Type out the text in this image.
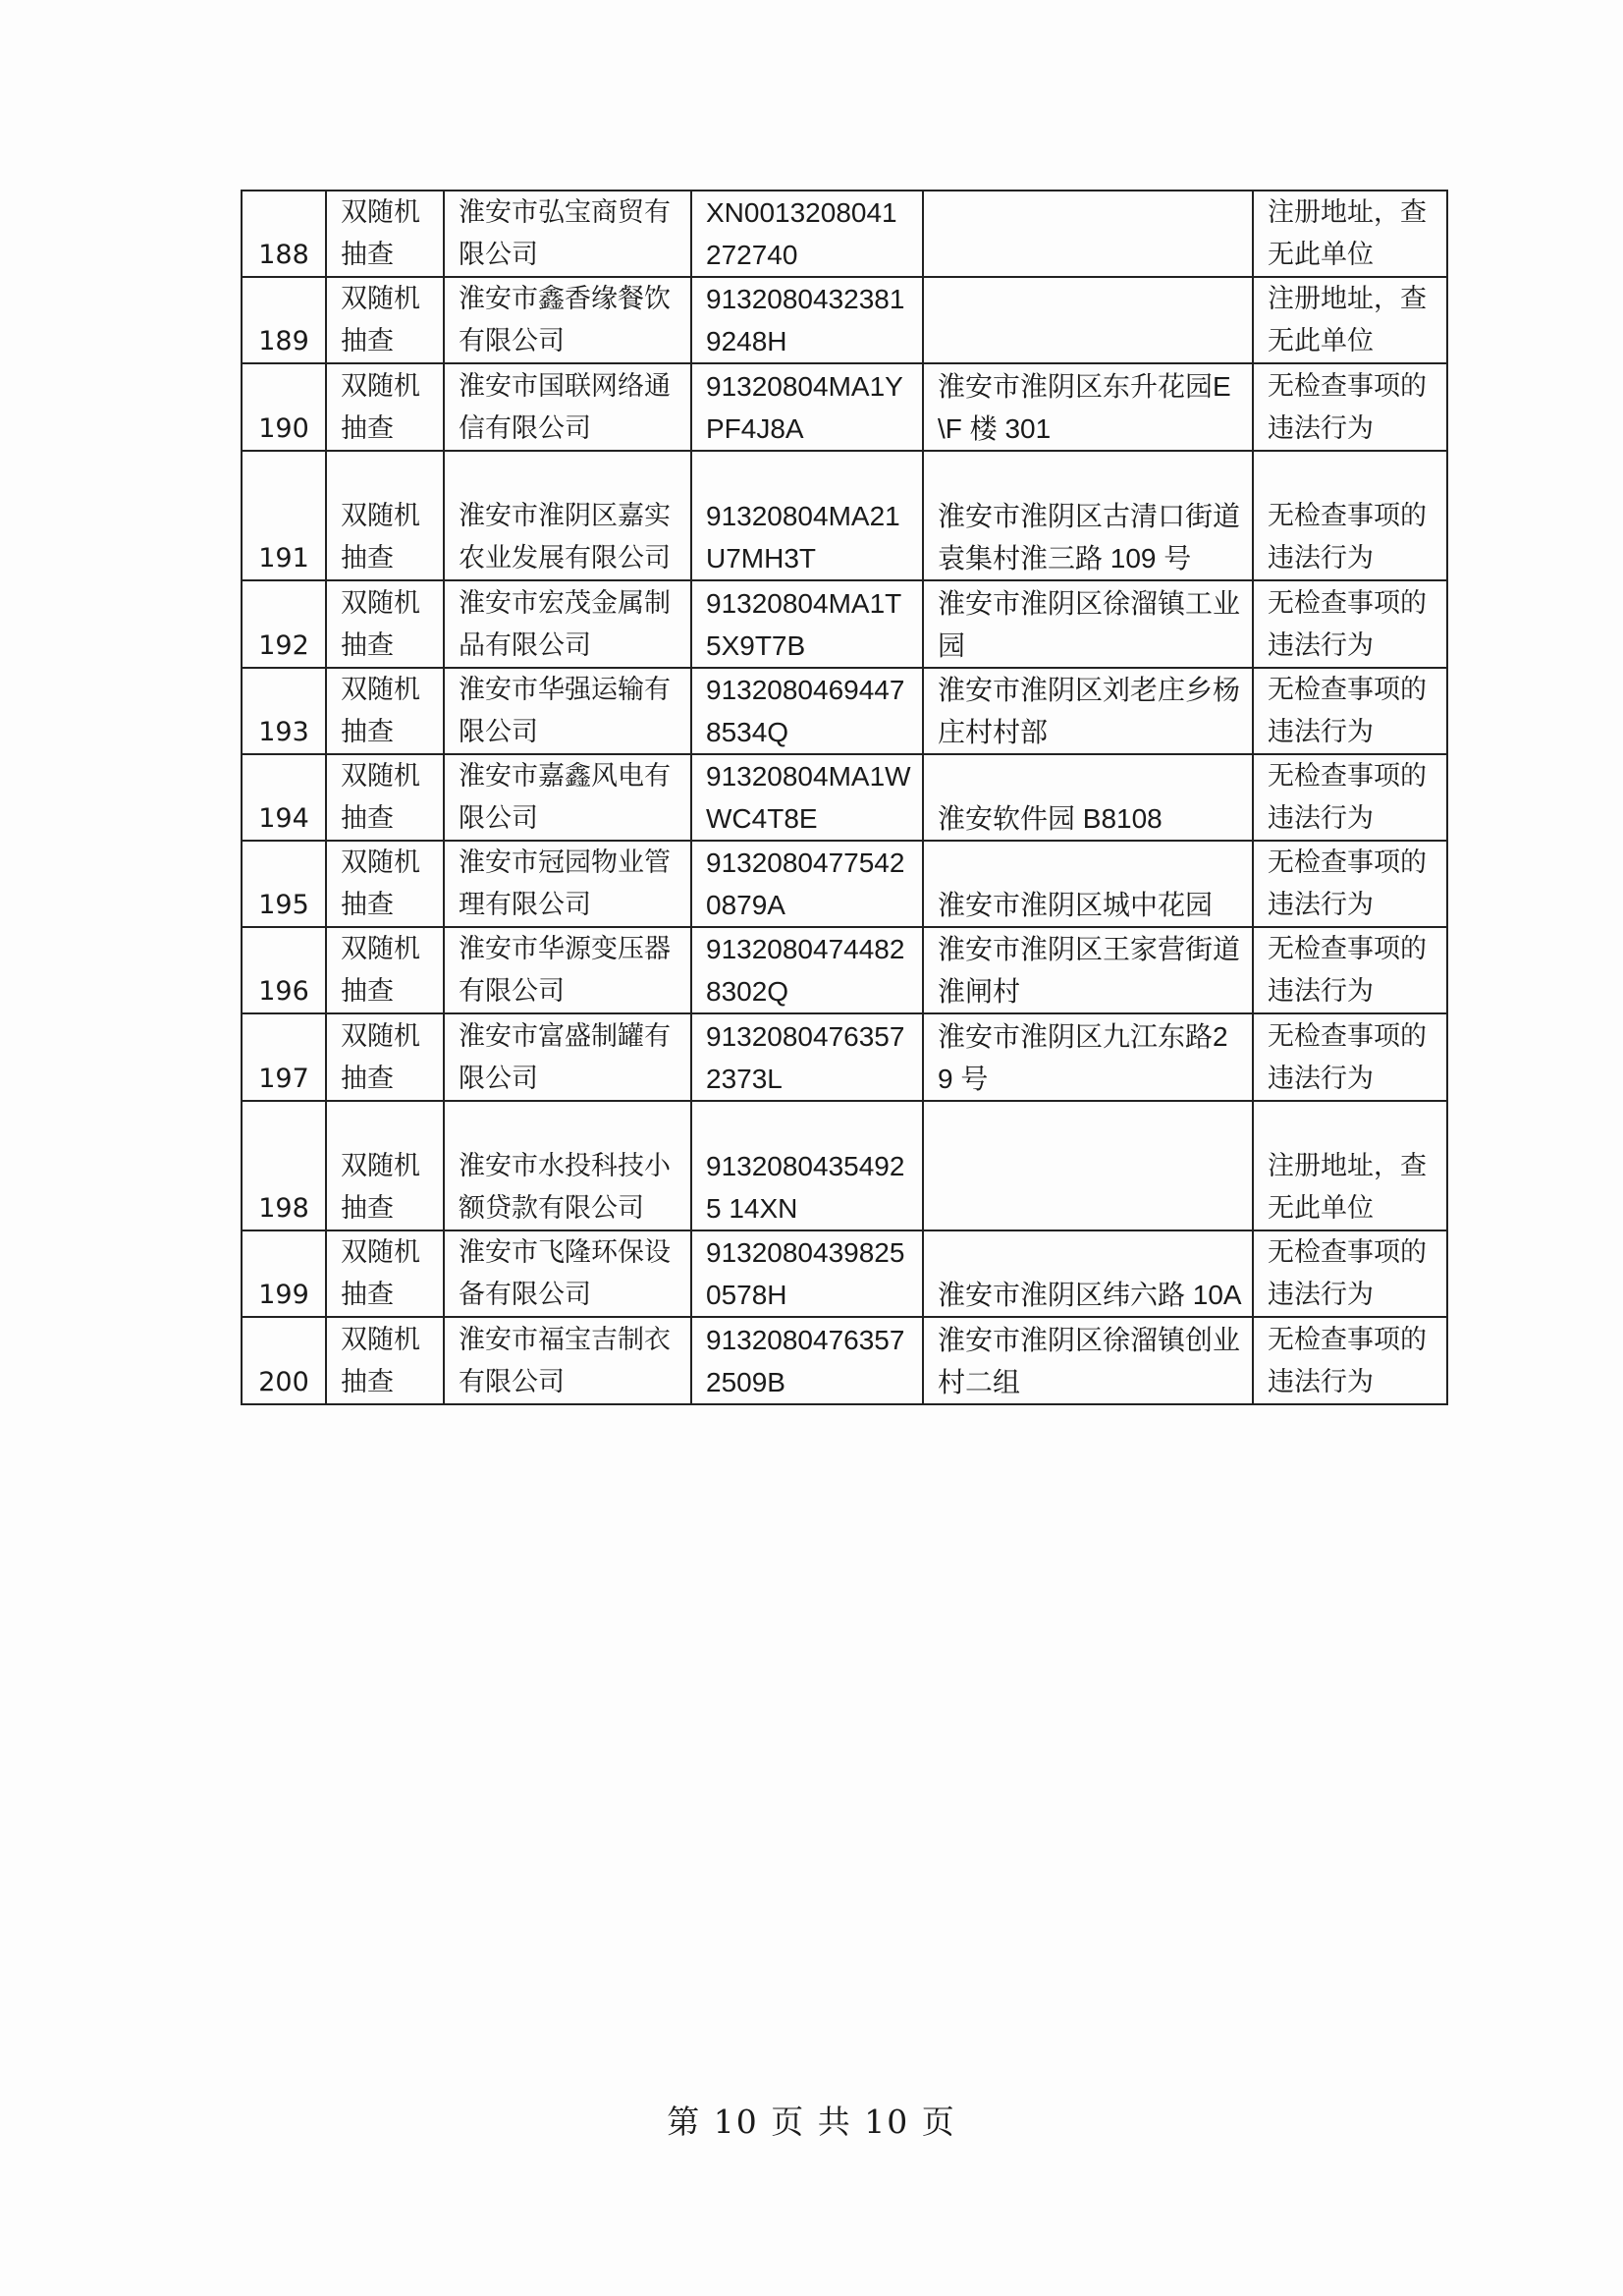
188	双随机抽查	淮安市弘宝商贸有限公司	XN0013208041272740		注册地址，查无此单位
189	双随机抽查	淮安市鑫香缘餐饮有限公司	91320804323819248H		注册地址，查无此单位
190	双随机抽查	淮安市国联网络通信有限公司	91320804MA1YPF4J8A	淮安市淮阴区东升花园E\F 楼 301	无检查事项的违法行为
191	双随机抽查	淮安市淮阴区嘉实农业发展有限公司	91320804MA21U7MH3T	淮安市淮阴区古清口街道袁集村淮三路 109 号	无检查事项的违法行为
192	双随机抽查	淮安市宏茂金属制品有限公司	91320804MA1T5X9T7B	淮安市淮阴区徐溜镇工业园	无检查事项的违法行为
193	双随机抽查	淮安市华强运输有限公司	91320804694478534Q	淮安市淮阴区刘老庄乡杨庄村村部	无检查事项的违法行为
194	双随机抽查	淮安市嘉鑫风电有限公司	91320804MA1WWC4T8E	淮安软件园 B8108	无检查事项的违法行为
195	双随机抽查	淮安市冠园物业管理有限公司	91320804775420879A	淮安市淮阴区城中花园	无检查事项的违法行为
196	双随机抽查	淮安市华源变压器有限公司	91320804744828302Q	淮安市淮阴区王家营街道淮闸村	无检查事项的违法行为
197	双随机抽查	淮安市富盛制罐有限公司	91320804763572373L	淮安市淮阴区九江东路29 号	无检查事项的违法行为
198	双随机抽查	淮安市水投科技小额贷款有限公司	91320804354925 14XN		注册地址，查无此单位
199	双随机抽查	淮安市飞隆环保设备有限公司	91320804398250578H	淮安市淮阴区纬六路 10A	无检查事项的违法行为
200	双随机抽查	淮安市福宝吉制衣有限公司	91320804763572509B	淮安市淮阴区徐溜镇创业村二组	无检查事项的违法行为
第 10 页 共 10 页
